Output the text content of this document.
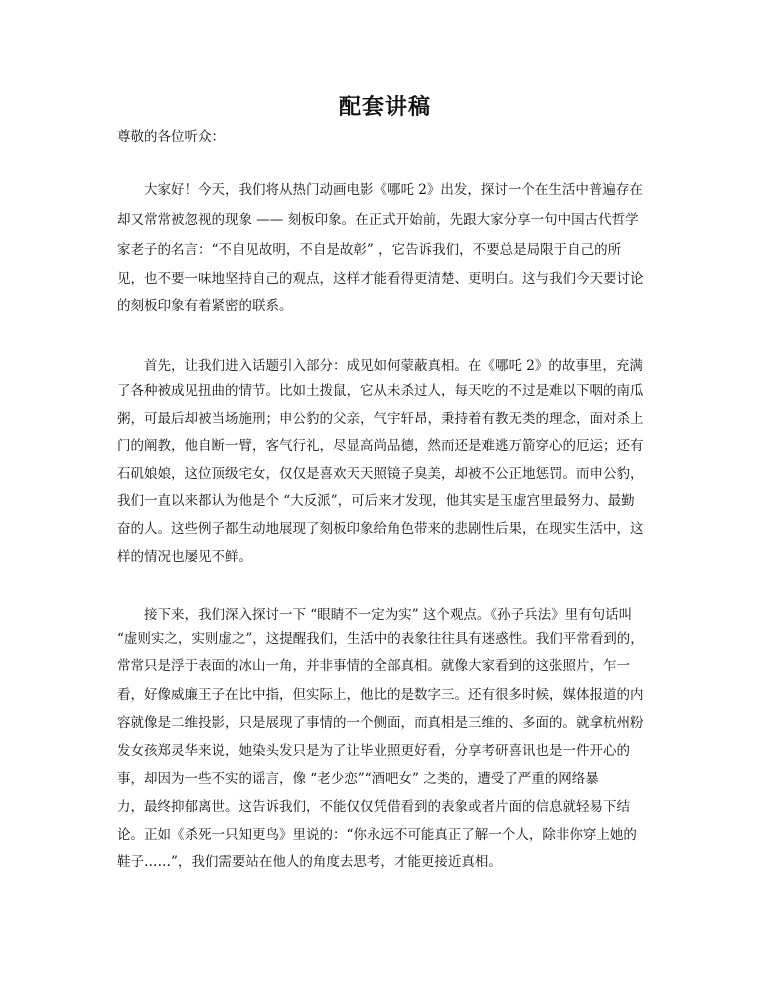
配套讲稿
尊敬的各位听众：
大家好！今天，我们将从热门动画电影《哪吒 2》出发，探讨一个在生活中普遍存在
却又常常被忽视的现象 —— 刻板印象。在正式开始前，先跟大家分享一句中国古代哲学
家老子的名言：“不自见故明，不自是故彰” ，它告诉我们，不要总是局限于自己的所
见，也不要一味地坚持自己的观点，这样才能看得更清楚、更明白。这与我们今天要讨论
的刻板印象有着紧密的联系。
首先，让我们进入话题引入部分：成见如何蒙蔽真相。在《哪吒 2》的故事里，充满
了各种被成见扭曲的情节。比如土拨鼠，它从未杀过人，每天吃的不过是难以下咽的南瓜
粥，可最后却被当场施刑；申公豹的父亲，气宇轩昂，秉持着有教无类的理念，面对杀上
门的阐教，他自断一臂，客气行礼，尽显高尚品德，然而还是难逃万箭穿心的厄运；还有
石矶娘娘，这位顶级宅女，仅仅是喜欢天天照镜子臭美，却被不公正地惩罚。而申公豹，
我们一直以来都认为他是个 “大反派”，可后来才发现，他其实是玉虚宫里最努力、最勤
奋的人。这些例子都生动地展现了刻板印象给角色带来的悲剧性后果，在现实生活中，这
样的情况也屡见不鲜。
接下来，我们深入探讨一下 “眼睛不一定为实” 这个观点。《孙子兵法》里有句话叫
“虚则实之，实则虚之”，这提醒我们，生活中的表象往往具有迷惑性。我们平常看到的，
常常只是浮于表面的冰山一角，并非事情的全部真相。就像大家看到的这张照片，乍一
看，好像威廉王子在比中指，但实际上，他比的是数字三。还有很多时候，媒体报道的内
容就像是二维投影，只是展现了事情的一个侧面，而真相是三维的、多面的。就拿杭州粉
发女孩郑灵华来说，她染头发只是为了让毕业照更好看，分享考研喜讯也是一件开心的
事，却因为一些不实的谣言，像 “老少恋”“酒吧女” 之类的，遭受了严重的网络暴
力，最终抑郁离世。这告诉我们，不能仅仅凭借看到的表象或者片面的信息就轻易下结
论。正如《杀死一只知更鸟》里说的：“你永远不可能真正了解一个人，除非你穿上她的
鞋子……”，我们需要站在他人的角度去思考，才能更接近真相。
